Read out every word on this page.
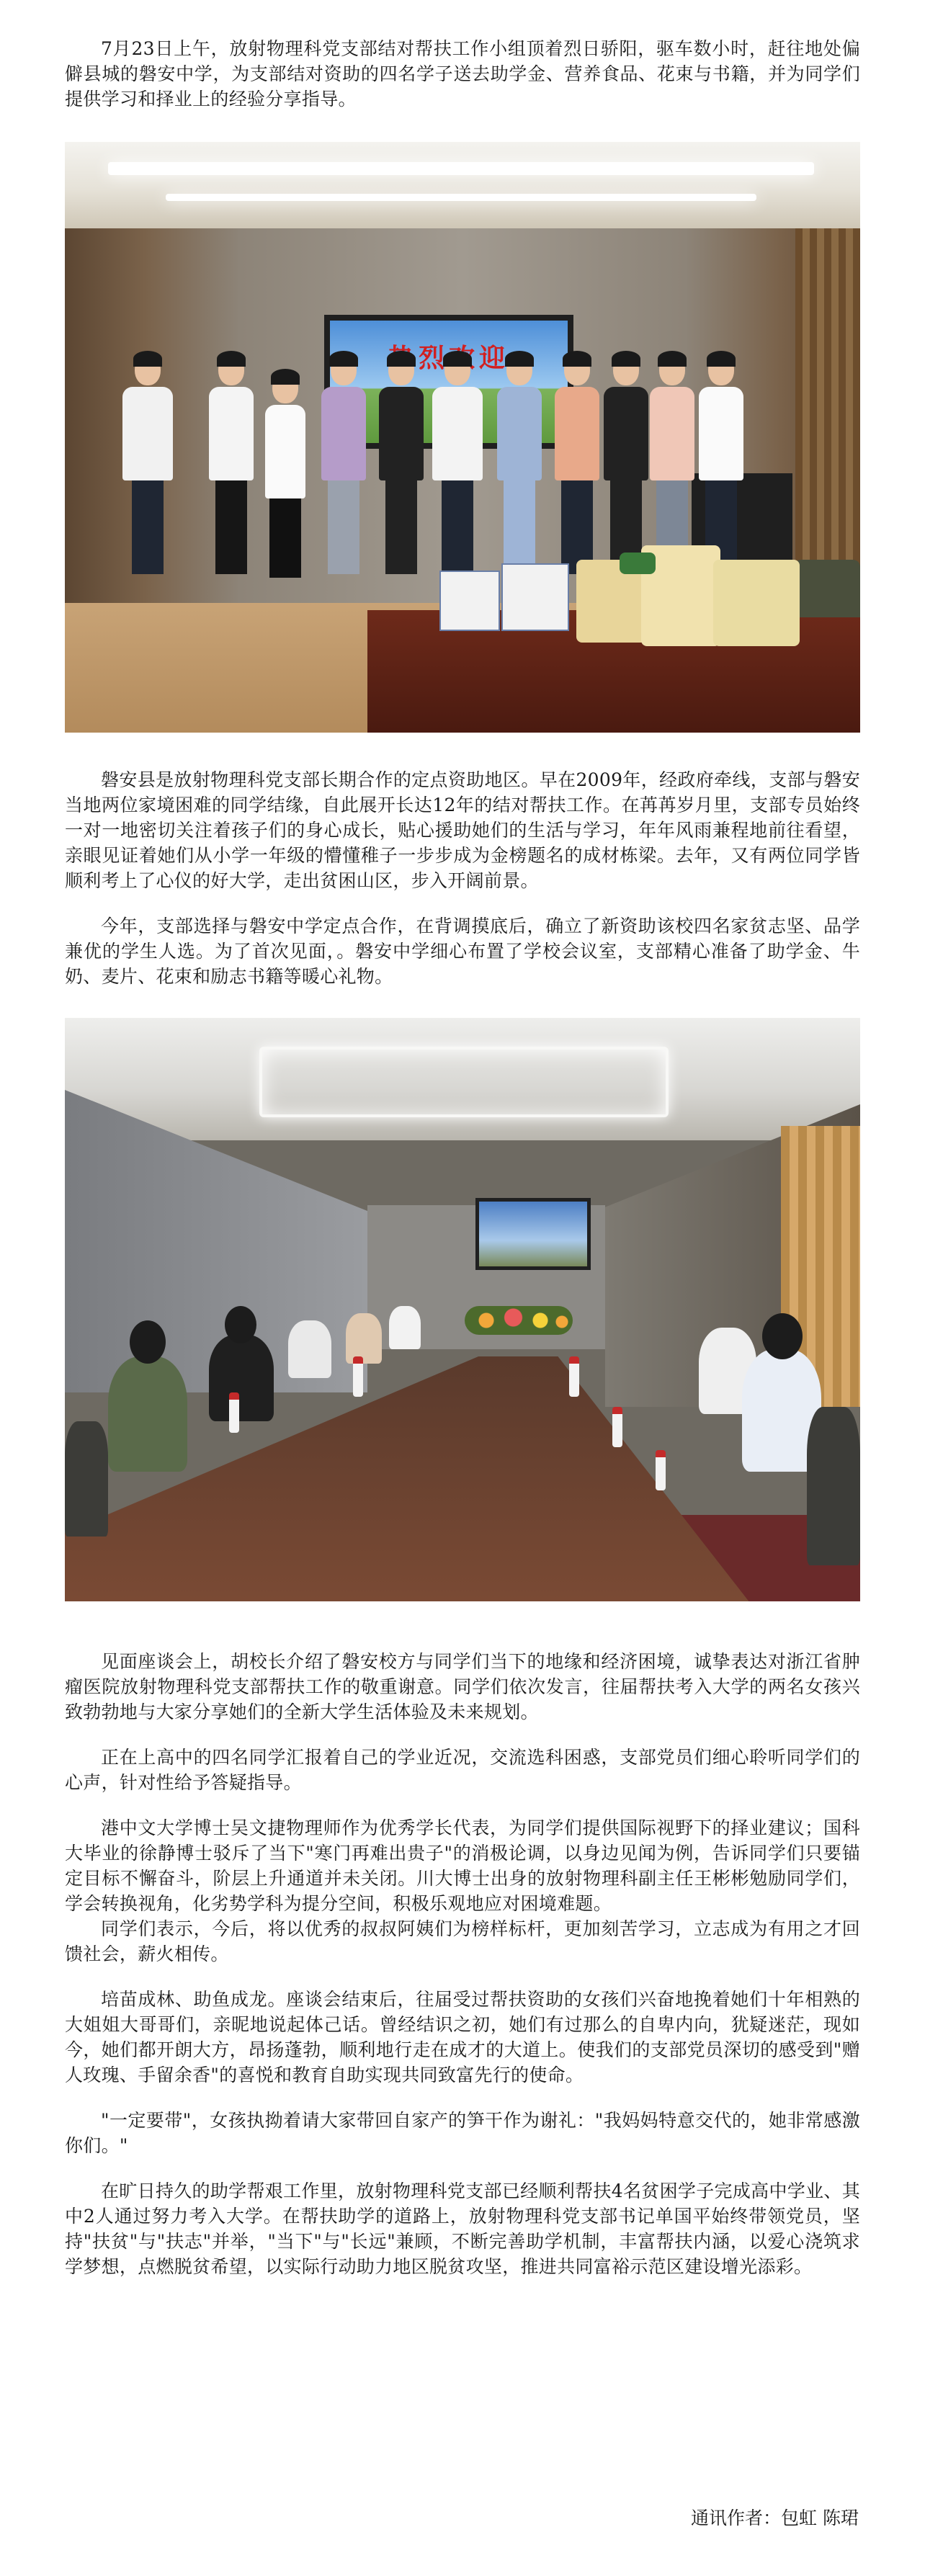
7月23日上午，放射物理科党支部结对帮扶工作小组顶着烈日骄阳，驱车数小时，赶往地处偏僻县城的磐安中学，为支部结对资助的四名学子送去助学金、营养食品、花束与书籍，并为同学们提供学习和择业上的经验分享指导。

磐安县是放射物理科党支部长期合作的定点资助地区。早在2009年，经政府牵线，支部与磐安当地两位家境困难的同学结缘，自此展开长达12年的结对帮扶工作。在苒苒岁月里，支部专员始终一对一地密切关注着孩子们的身心成长，贴心援助她们的生活与学习，年年风雨兼程地前往看望，亲眼见证着她们从小学一年级的懵懂稚子一步步成为金榜题名的成材栋梁。去年，又有两位同学皆顺利考上了心仪的好大学，走出贫困山区，步入开阔前景。

今年，支部选择与磐安中学定点合作，在背调摸底后，确立了新资助该校四名家贫志坚、品学兼优的学生人选。为了首次见面，。磐安中学细心布置了学校会议室，支部精心准备了助学金、牛奶、麦片、花束和励志书籍等暖心礼物。

见面座谈会上，胡校长介绍了磐安校方与同学们当下的地缘和经济困境，诚挚表达对浙江省肿瘤医院放射物理科党支部帮扶工作的敬重谢意。同学们依次发言，往届帮扶考入大学的两名女孩兴致勃勃地与大家分享她们的全新大学生活体验及未来规划。

正在上高中的四名同学汇报着自己的学业近况，交流选科困惑，支部党员们细心聆听同学们的心声，针对性给予答疑指导。

港中文大学博士吴文捷物理师作为优秀学长代表，为同学们提供国际视野下的择业建议；国科大毕业的徐静博士驳斥了当下"寒门再难出贵子"的消极论调，以身边见闻为例，告诉同学们只要锚定目标不懈奋斗，阶层上升通道并未关闭。川大博士出身的放射物理科副主任王彬彬勉励同学们，学会转换视角，化劣势学科为提分空间，积极乐观地应对困境难题。

同学们表示，今后，将以优秀的叔叔阿姨们为榜样标杆，更加刻苦学习，立志成为有用之才回馈社会，薪火相传。

培苗成林、助鱼成龙。座谈会结束后，往届受过帮扶资助的女孩们兴奋地挽着她们十年相熟的大姐姐大哥哥们，亲昵地说起体己话。曾经结识之初，她们有过那么的自卑内向，犹疑迷茫，现如今，她们都开朗大方，昂扬蓬勃，顺利地行走在成才的大道上。使我们的支部党员深切的感受到"赠人玫瑰、手留余香"的喜悦和教育自助实现共同致富先行的使命。

"一定要带"，女孩执拗着请大家带回自家产的笋干作为谢礼："我妈妈特意交代的，她非常感激你们。"

在旷日持久的助学帮艰工作里，放射物理科党支部已经顺利帮扶4名贫困学子完成高中学业、其中2人通过努力考入大学。在帮扶助学的道路上，放射物理科党支部书记单国平始终带领党员，坚持"扶贫"与"扶志"并举，"当下"与"长远"兼顾，不断完善助学机制，丰富帮扶内涵，以爱心浇筑求学梦想，点燃脱贫希望，以实际行动助力地区脱贫攻坚，推进共同富裕示范区建设增光添彩。

通讯作者：包虹 陈珺
